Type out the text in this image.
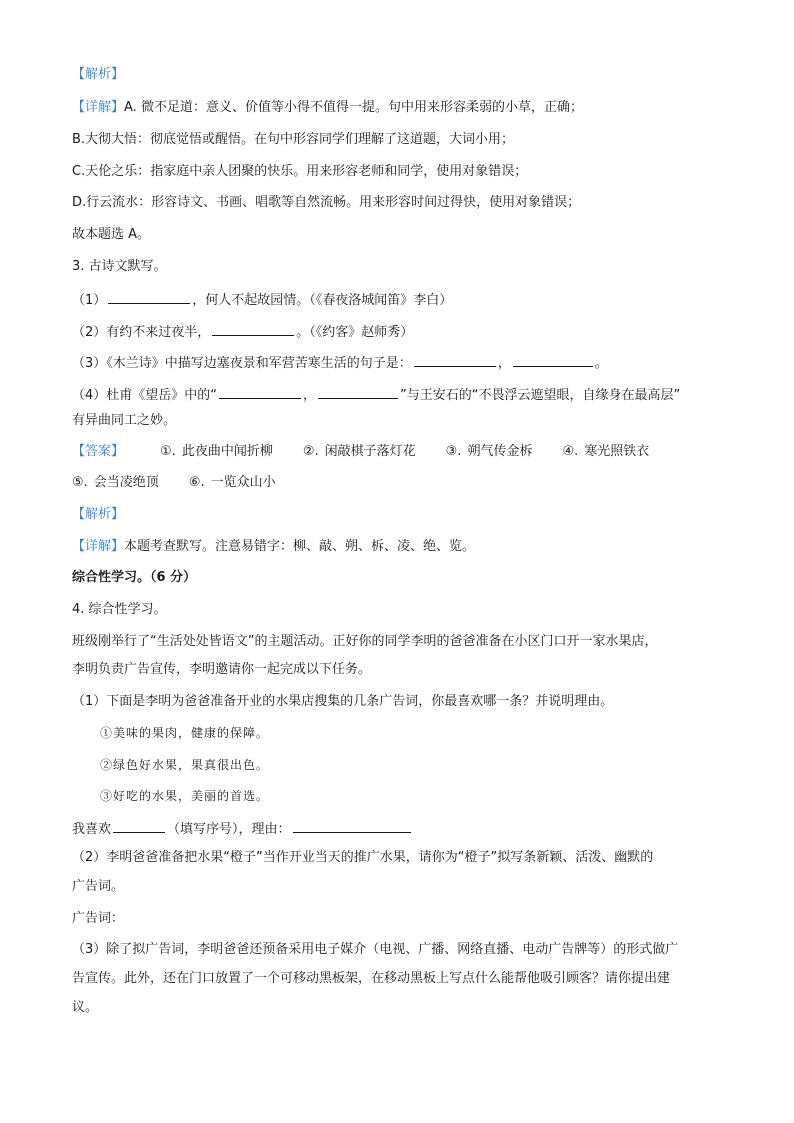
【解析】
【详解】A. 微不足道：意义、价值等小得不值得一提。句中用来形容柔弱的小草，正确；
B.大彻大悟：彻底觉悟或醒悟。在句中形容同学们理解了这道题，大词小用；
C.天伦之乐：指家庭中亲人团聚的快乐。用来形容老师和同学，使用对象错误；
D.行云流水：形容诗文、书画、唱歌等自然流畅。用来形容时间过得快，使用对象错误；
故本题选 A。
3. 古诗文默写。
（1）	，何人不起故园情。（《春夜洛城闻笛》李白）
（2）有约不来过夜半，	。（《约客》赵师秀）
（3）《木兰诗》中描写边塞夜景和军营苦寒生活的句子是：	，	。
（4）杜甫《望岳》中的“	，	”与王安石的“不畏浮云遮望眼，自缘身在最高层”
有异曲同工之妙。
【答案】	①. 此夜曲中闻折柳 ②. 闲敲棋子落灯花 ③. 朔气传金柝 ④. 寒光照铁衣
⑤. 会当凌绝顶 ⑥. 一览众山小
【解析】
【详解】本题考查默写。注意易错字：柳、敲、朔、柝、凌、绝、览。
综合性学习。（6 分）
4. 综合性学习。
班级刚举行了“生活处处皆语文”的主题活动。正好你的同学李明的爸爸准备在小区门口开一家水果店，
李明负责广告宣传，李明邀请你一起完成以下任务。
（1）下面是李明为爸爸准备开业的水果店搜集的几条广告词，你最喜欢哪一条？并说明理由。
①美味的果肉，健康的保障。
②绿色好水果，果真很出色。
③好吃的水果，美丽的首选。
我喜欢	（填写序号），理由：
（2）李明爸爸准备把水果“橙子”当作开业当天的推广水果，请你为“橙子”拟写条新颖、活泼、幽默的
广告词。
广告词：
（3）除了拟广告词，李明爸爸还预备采用电子媒介（电视、广播、网络直播、电动广告牌等）的形式做广
告宣传。此外，还在门口放置了一个可移动黑板架，在移动黑板上写点什么能帮他吸引顾客？请你提出建
议。
